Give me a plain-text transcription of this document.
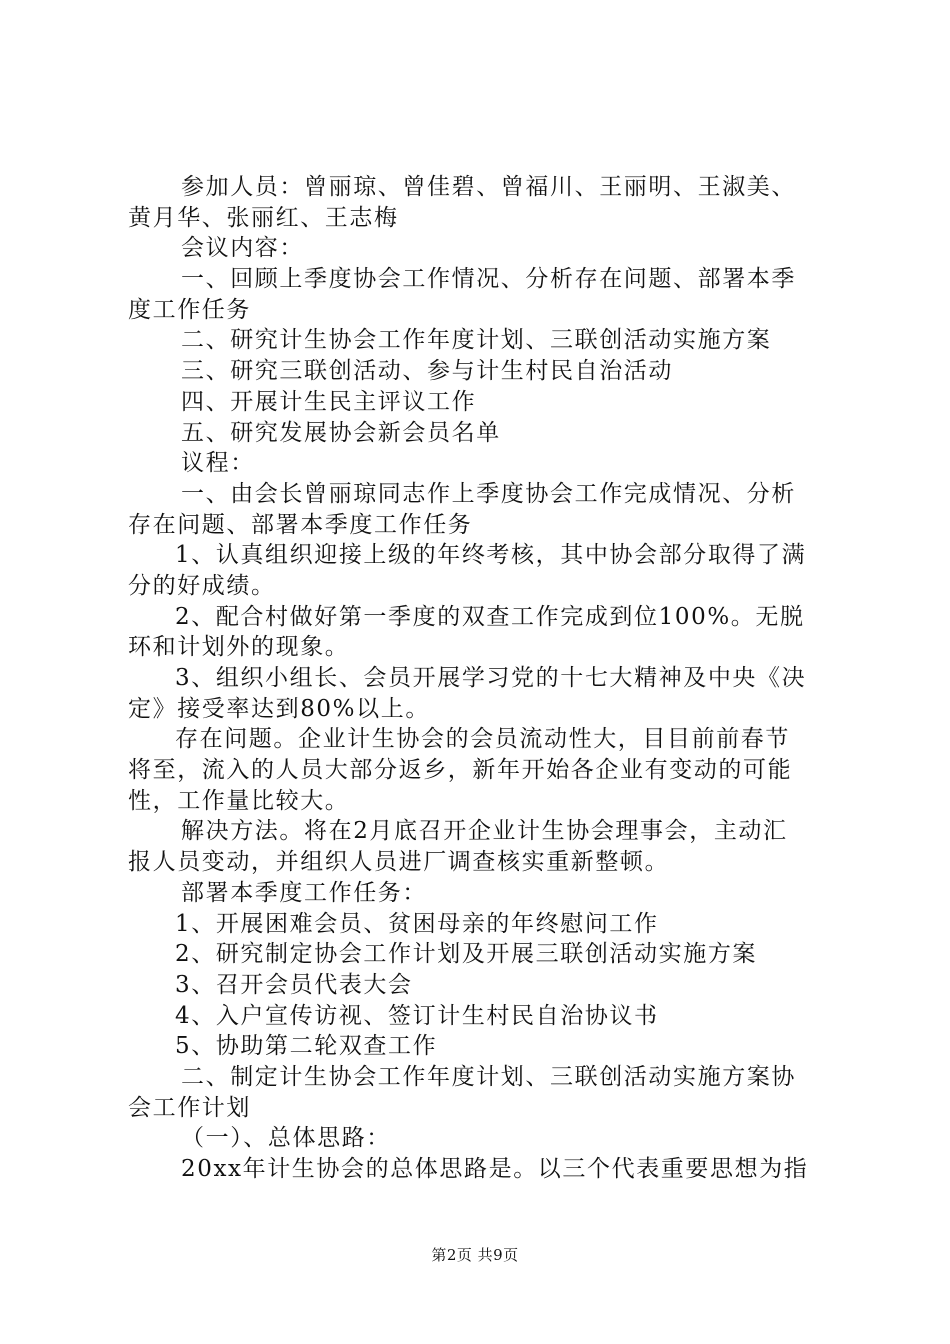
参加人员：曾丽琼、曾佳碧、曾福川、王丽明、王淑美、
黄月华、张丽红、王志梅
会议内容：
一、回顾上季度协会工作情况、分析存在问题、部署本季
度工作任务
二、研究计生协会工作年度计划、三联创活动实施方案
三、研究三联创活动、参与计生村民自治活动
四、开展计生民主评议工作
五、研究发展协会新会员名单
议程：
一、由会长曾丽琼同志作上季度协会工作完成情况、分析
存在问题、部署本季度工作任务
1、认真组织迎接上级的年终考核，其中协会部分取得了满
分的好成绩。
2、配合村做好第一季度的双查工作完成到位100%。无脱
环和计划外的现象。
3、组织小组长、会员开展学习党的十七大精神及中央《决
定》接受率达到80%以上。
存在问题。企业计生协会的会员流动性大，目目前前春节
将至，流入的人员大部分返乡，新年开始各企业有变动的可能
性，工作量比较大。
解决方法。将在2月底召开企业计生协会理事会，主动汇
报人员变动，并组织人员进厂调查核实重新整顿。
部署本季度工作任务：
1、开展困难会员、贫困母亲的年终慰问工作
2、研究制定协会工作计划及开展三联创活动实施方案
3、召开会员代表大会
4、入户宣传访视、签订计生村民自治协议书
5、协助第二轮双查工作
二、制定计生协会工作年度计划、三联创活动实施方案协
会工作计划
（一）、总体思路：
20xx年计生协会的总体思路是。以三个代表重要思想为指
第2页 共9页
